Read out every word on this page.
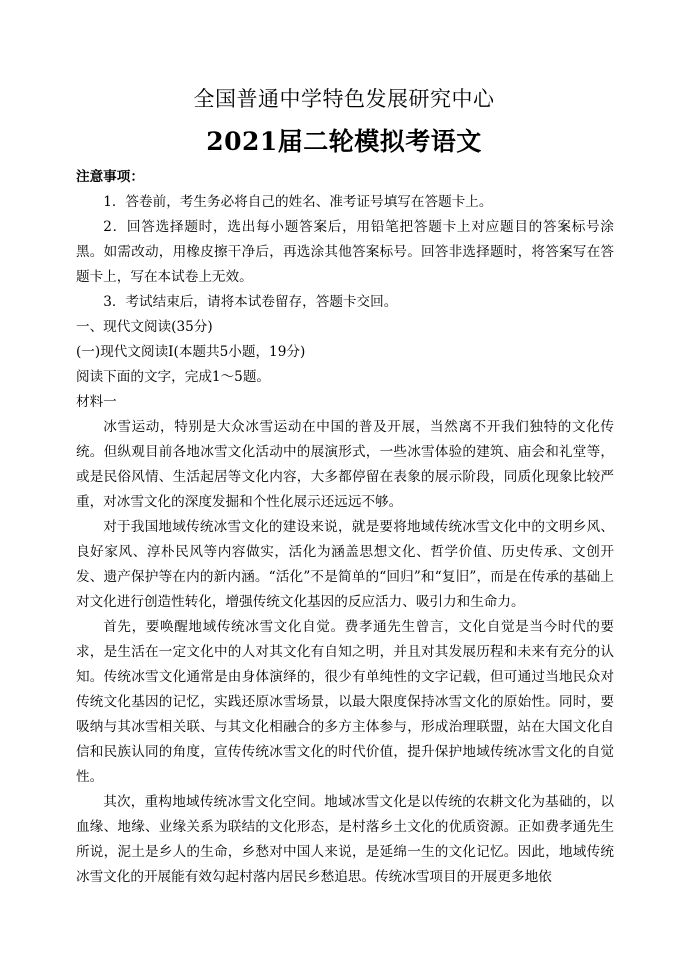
全国普通中学特色发展研究中心
2021届二轮模拟考语文
注意事项：

1．答卷前，考生务必将自己的姓名、准考证号填写在答题卡上。

2．回答选择题时，选出每小题答案后，用铅笔把答题卡上对应题目的答案标号涂黑。如需改动，用橡皮擦干净后，再选涂其他答案标号。回答非选择题时，将答案写在答题卡上，写在本试卷上无效。

3．考试结束后，请将本试卷留存，答题卡交回。

一、现代文阅读(35分)
(一)现代文阅读Ⅰ(本题共5小题，19分)
阅读下面的文字，完成1～5题。
材料一

冰雪运动，特别是大众冰雪运动在中国的普及开展，当然离不开我们独特的文化传统。但纵观目前各地冰雪文化活动中的展演形式，一些冰雪体验的建筑、庙会和礼堂等，或是民俗风情、生活起居等文化内容，大多都停留在表象的展示阶段，同质化现象比较严重，对冰雪文化的深度发掘和个性化展示还远远不够。

对于我国地域传统冰雪文化的建设来说，就是要将地域传统冰雪文化中的文明乡风、良好家风、淳朴民风等内容做实，活化为涵盖思想文化、哲学价值、历史传承、文创开发、遗产保护等在内的新内涵。“活化”不是简单的“回归”和“复旧”，而是在传承的基础上对文化进行创造性转化，增强传统文化基因的反应活力、吸引力和生命力。

首先，要唤醒地域传统冰雪文化自觉。费孝通先生曾言，文化自觉是当今时代的要求，是生活在一定文化中的人对其文化有自知之明，并且对其发展历程和未来有充分的认知。传统冰雪文化通常是由身体演绎的，很少有单纯性的文字记载，但可通过当地民众对传统文化基因的记忆，实践还原冰雪场景，以最大限度保持冰雪文化的原始性。同时，要吸纳与其冰雪相关联、与其文化相融合的多方主体参与，形成治理联盟，站在大国文化自信和民族认同的角度，宣传传统冰雪文化的时代价值，提升保护地域传统冰雪文化的自觉性。

其次，重构地域传统冰雪文化空间。地域冰雪文化是以传统的农耕文化为基础的，以血缘、地缘、业缘关系为联结的文化形态，是村落乡土文化的优质资源。正如费孝通先生所说，泥土是乡人的生命，乡愁对中国人来说，是延绵一生的文化记忆。因此，地域传统冰雪文化的开展能有效勾起村落内居民乡愁追思。传统冰雪项目的开展更多地依
